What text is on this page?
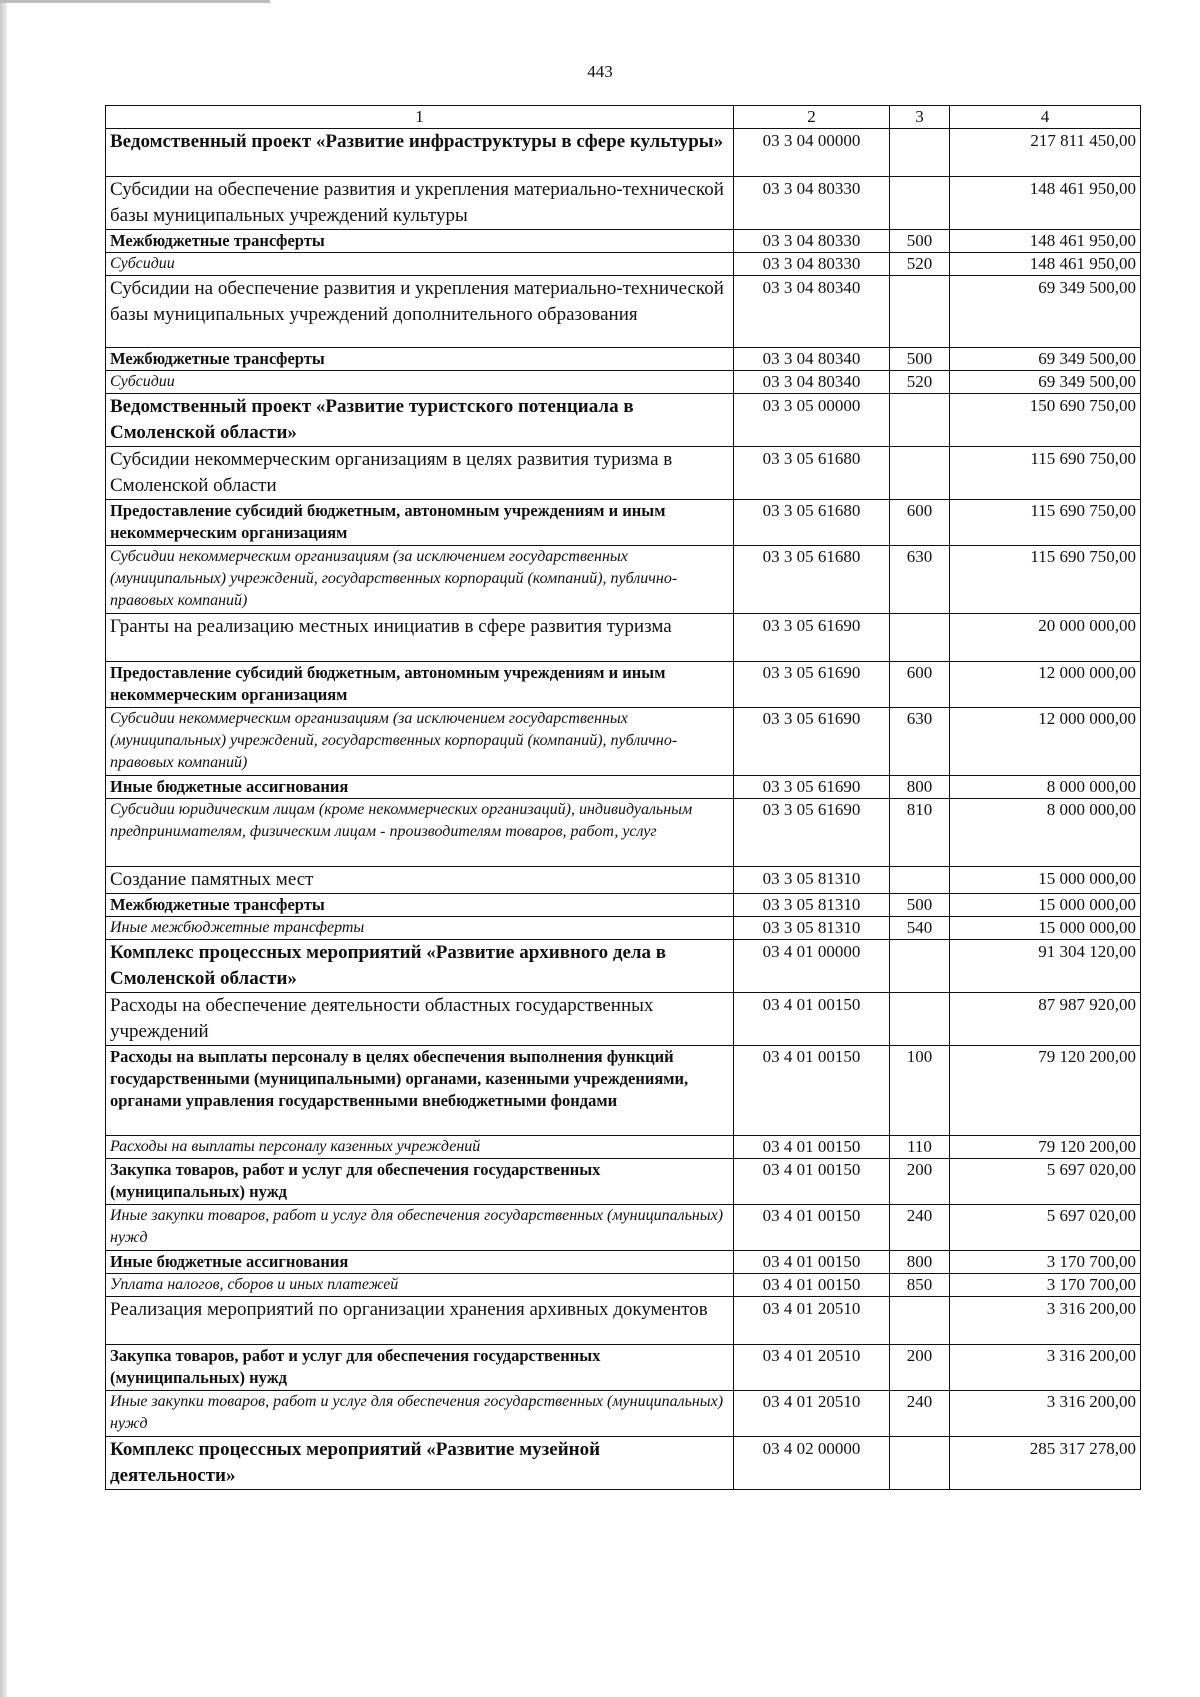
443
1	2	3	4
Ведомственный проект «Развитие инфраструктуры в сфере культуры»	03 3 04 00000		217 811 450,00
Субсидии на обеспечение развития и укрепления материально-технической базы муниципальных учреждений культуры	03 3 04 80330		148 461 950,00
Межбюджетные трансферты	03 3 04 80330	500	148 461 950,00
Субсидии	03 3 04 80330	520	148 461 950,00
Субсидии на обеспечение развития и укрепления материально-технической базы муниципальных учреждений дополнительного образования	03 3 04 80340		69 349 500,00
Межбюджетные трансферты	03 3 04 80340	500	69 349 500,00
Субсидии	03 3 04 80340	520	69 349 500,00
Ведомственный проект «Развитие туристского потенциала в Смоленской области»	03 3 05 00000		150 690 750,00
Субсидии некоммерческим организациям в целях развития туризма в Смоленской области	03 3 05 61680		115 690 750,00
Предоставление субсидий бюджетным, автономным учреждениям и иным некоммерческим организациям	03 3 05 61680	600	115 690 750,00
Субсидии некоммерческим организациям (за исключением государственных (муниципальных) учреждений, государственных корпораций (компаний), публично-правовых компаний)	03 3 05 61680	630	115 690 750,00
Гранты на реализацию местных инициатив в сфере развития туризма	03 3 05 61690		20 000 000,00
Предоставление субсидий бюджетным, автономным учреждениям и иным некоммерческим организациям	03 3 05 61690	600	12 000 000,00
Субсидии некоммерческим организациям (за исключением государственных (муниципальных) учреждений, государственных корпораций (компаний), публично-правовых компаний)	03 3 05 61690	630	12 000 000,00
Иные бюджетные ассигнования	03 3 05 61690	800	8 000 000,00
Субсидии юридическим лицам (кроме некоммерческих организаций), индивидуальным предпринимателям, физическим лицам - производителям товаров, работ, услуг	03 3 05 61690	810	8 000 000,00
Создание памятных мест	03 3 05 81310		15 000 000,00
Межбюджетные трансферты	03 3 05 81310	500	15 000 000,00
Иные межбюджетные трансферты	03 3 05 81310	540	15 000 000,00
Комплекс процессных мероприятий «Развитие архивного дела в Смоленской области»	03 4 01 00000		91 304 120,00
Расходы на обеспечение деятельности областных государственных учреждений	03 4 01 00150		87 987 920,00
Расходы на выплаты персоналу в целях обеспечения выполнения функций государственными (муниципальными) органами, казенными учреждениями, органами управления государственными внебюджетными фондами	03 4 01 00150	100	79 120 200,00
Расходы на выплаты персоналу казенных учреждений	03 4 01 00150	110	79 120 200,00
Закупка товаров, работ и услуг для обеспечения государственных (муниципальных) нужд	03 4 01 00150	200	5 697 020,00
Иные закупки товаров, работ и услуг для обеспечения государственных (муниципальных) нужд	03 4 01 00150	240	5 697 020,00
Иные бюджетные ассигнования	03 4 01 00150	800	3 170 700,00
Уплата налогов, сборов и иных платежей	03 4 01 00150	850	3 170 700,00
Реализация мероприятий по организации хранения архивных документов	03 4 01 20510		3 316 200,00
Закупка товаров, работ и услуг для обеспечения государственных (муниципальных) нужд	03 4 01 20510	200	3 316 200,00
Иные закупки товаров, работ и услуг для обеспечения государственных (муниципальных) нужд	03 4 01 20510	240	3 316 200,00
Комплекс процессных мероприятий «Развитие музейной деятельности»	03 4 02 00000		285 317 278,00
